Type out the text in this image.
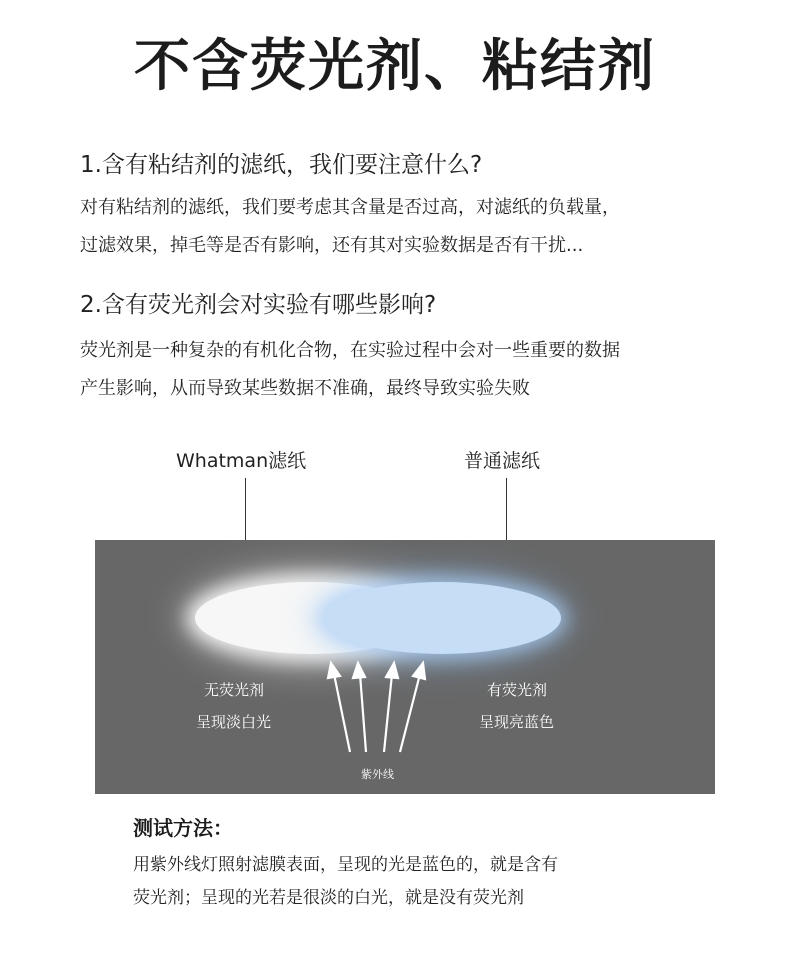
不含荧光剂、粘结剂
1.含有粘结剂的滤纸，我们要注意什么?
对有粘结剂的滤纸，我们要考虑其含量是否过高，对滤纸的负载量，
过滤效果，掉毛等是否有影响，还有其对实验数据是否有干扰...
2.含有荧光剂会对实验有哪些影响?
荧光剂是一种复杂的有机化合物，在实验过程中会对一些重要的数据
产生影响，从而导致某些数据不准确，最终导致实验失败
Whatman滤纸	普通滤纸
无荧光剂
呈现淡白光
有荧光剂
呈现亮蓝色
紫外线
测试方法：
用紫外线灯照射滤膜表面，呈现的光是蓝色的，就是含有
荧光剂；呈现的光若是很淡的白光，就是没有荧光剂
